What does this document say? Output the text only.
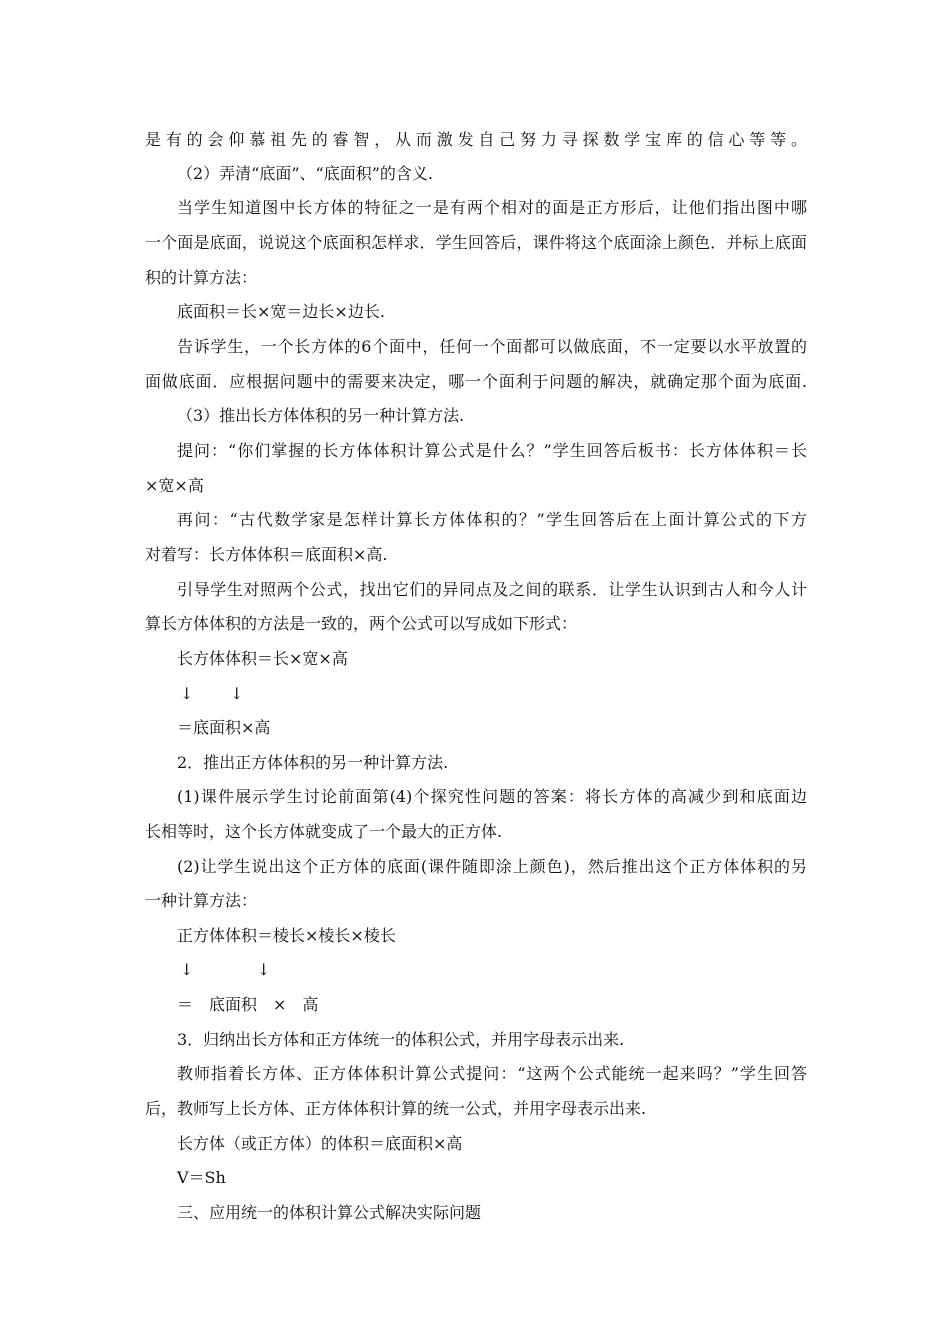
是有的会仰慕祖先的睿智，从而激发自己努力寻探数学宝库的信心等等。
（2）弄清“底面”、“底面积”的含义.
当学生知道图中长方体的特征之一是有两个相对的面是正方形后，让他们指出图中哪
一个面是底面，说说这个底面积怎样求．学生回答后，课件将这个底面涂上颜色．并标上底面
积的计算方法：
底面积＝长×宽＝边长×边长.
告诉学生，一个长方体的6个面中，任何一个面都可以做底面，不一定要以水平放置的
面做底面．应根据问题中的需要来决定，哪一个面利于问题的解决，就确定那个面为底面.
（3）推出长方体体积的另一种计算方法.
提问：“你们掌握的长方体体积计算公式是什么？”学生回答后板书：长方体体积＝长
×宽×高
再问：“古代数学家是怎样计算长方体体积的？”学生回答后在上面计算公式的下方
对着写：长方体体积＝底面积×高.
引导学生对照两个公式，找出它们的异同点及之间的联系．让学生认识到古人和今人计
算长方体体积的方法是一致的，两个公式可以写成如下形式：
长方体体积＝长×宽×高
↓ ↓
＝底面积×高
2．推出正方体体积的另一种计算方法.
(1)课件展示学生讨论前面第(4)个探究性问题的答案：将长方体的高减少到和底面边
长相等时，这个长方体就变成了一个最大的正方体.
(2)让学生说出这个正方体的底面(课件随即涂上颜色)，然后推出这个正方体体积的另
一种计算方法：
正方体体积＝棱长×棱长×棱长
↓	↓
＝　底面积　×　高
3．归纳出长方体和正方体统一的体积公式，并用字母表示出来.
教师指着长方体、正方体体积计算公式提问：“这两个公式能统一起来吗？”学生回答
后，教师写上长方体、正方体体积计算的统一公式，并用字母表示出来.
长方体（或正方体）的体积＝底面积×高
V＝Sh
三、应用统一的体积计算公式解决实际问题
